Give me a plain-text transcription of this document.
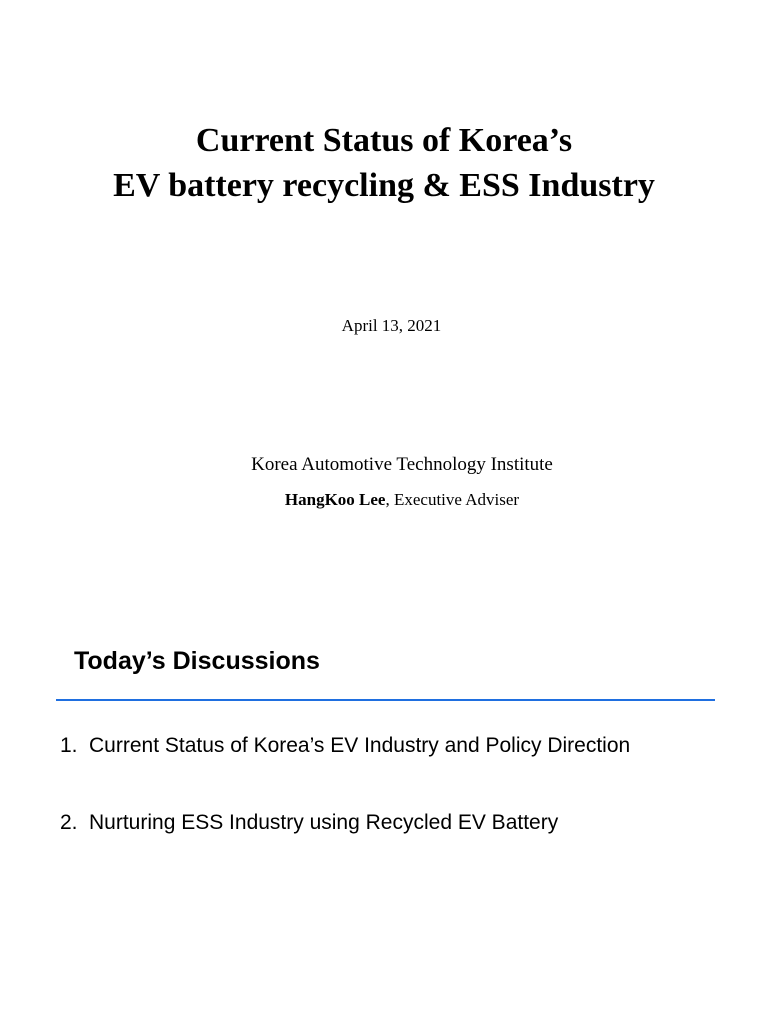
Current Status of Korea’s
EV battery recycling & ESS Industry
April 13, 2021
Korea Automotive Technology Institute
HangKoo Lee, Executive Adviser
Today’s Discussions
1. Current Status of Korea’s EV Industry and Policy Direction
2. Nurturing ESS Industry using Recycled EV Battery
